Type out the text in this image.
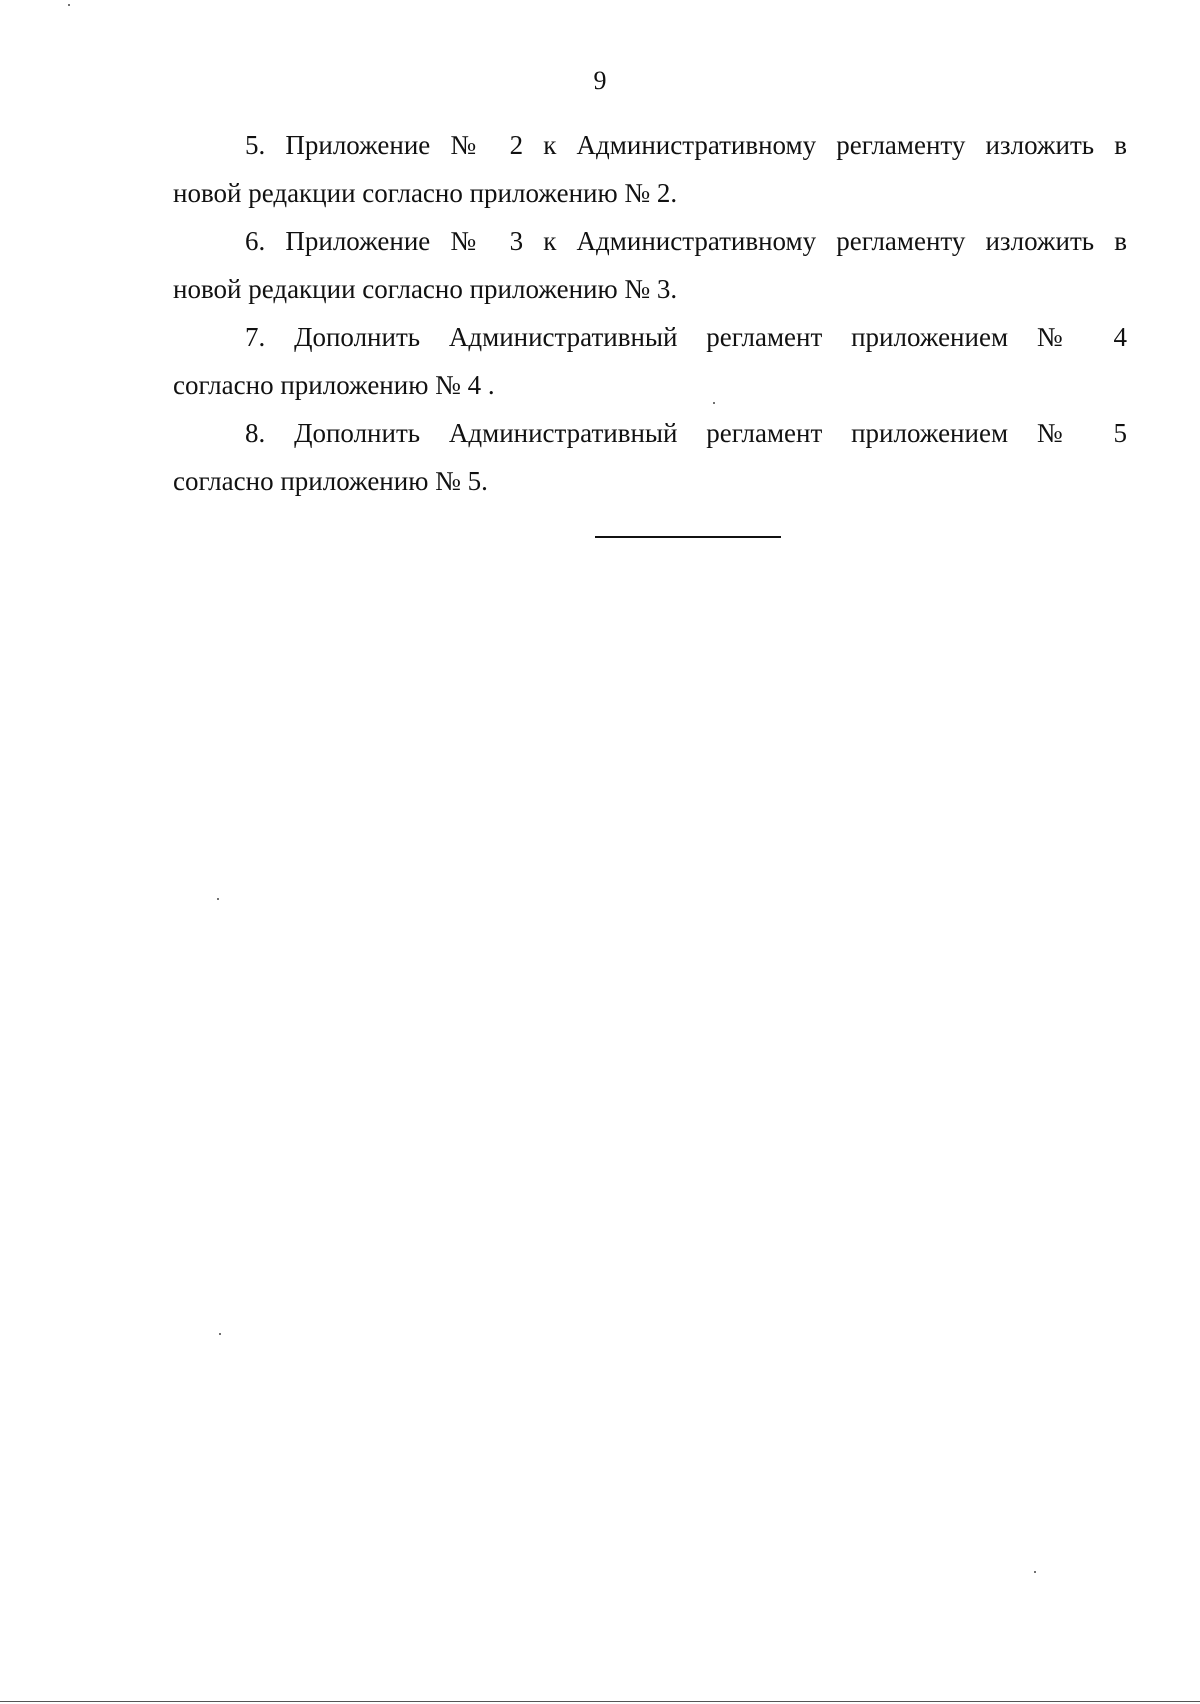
9

5. Приложение № 2 к Административному регламенту изложить в
новой редакции согласно приложению № 2.

6. Приложение № 3 к Административному регламенту изложить в
новой редакции согласно приложению № 3.

7. Дополнить Административный регламент приложением № 4
согласно приложению № 4 .

8. Дополнить Административный регламент приложением № 5
согласно приложению № 5.
